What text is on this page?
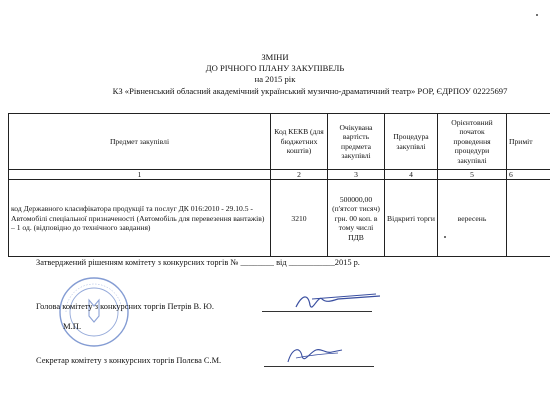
ЗМІНИ
ДО РІЧНОГО ПЛАНУ ЗАКУПІВЕЛЬ
на 2015 рік
КЗ «Рівненський обласний академічний український музично-драматичний театр» РОР, ЄДРПОУ 02225697
Предмет закупівлі	Код КЕКВ (для бюджетних коштів)	Очікувана вартість предмета закупівлі	Процедура закупівлі	Орієнтовний початок проведення процедури закупівлі	Приміт
1	2	3	4	5	6
код Державного класифікатора продукції та послуг ДК 016:2010 - 29.10.5 - Автомобілі спеціальної призначеності (Автомобіль для перевезення вантажів) – 1 од. (відповідно до технічного завдання)	3210	500000,00 (п'ятсот тисяч) грн. 00 коп. в тому числі ПДВ	Відкриті торги	вересень	
Затверджений рішенням комітету з конкурсних торгів № ________ від ___________2015 р.
М.П.
Голова комітету з конкурсних торгів Петрів В. Ю.
Секретар комітету з конкурсних торгів Полєва С.М.
